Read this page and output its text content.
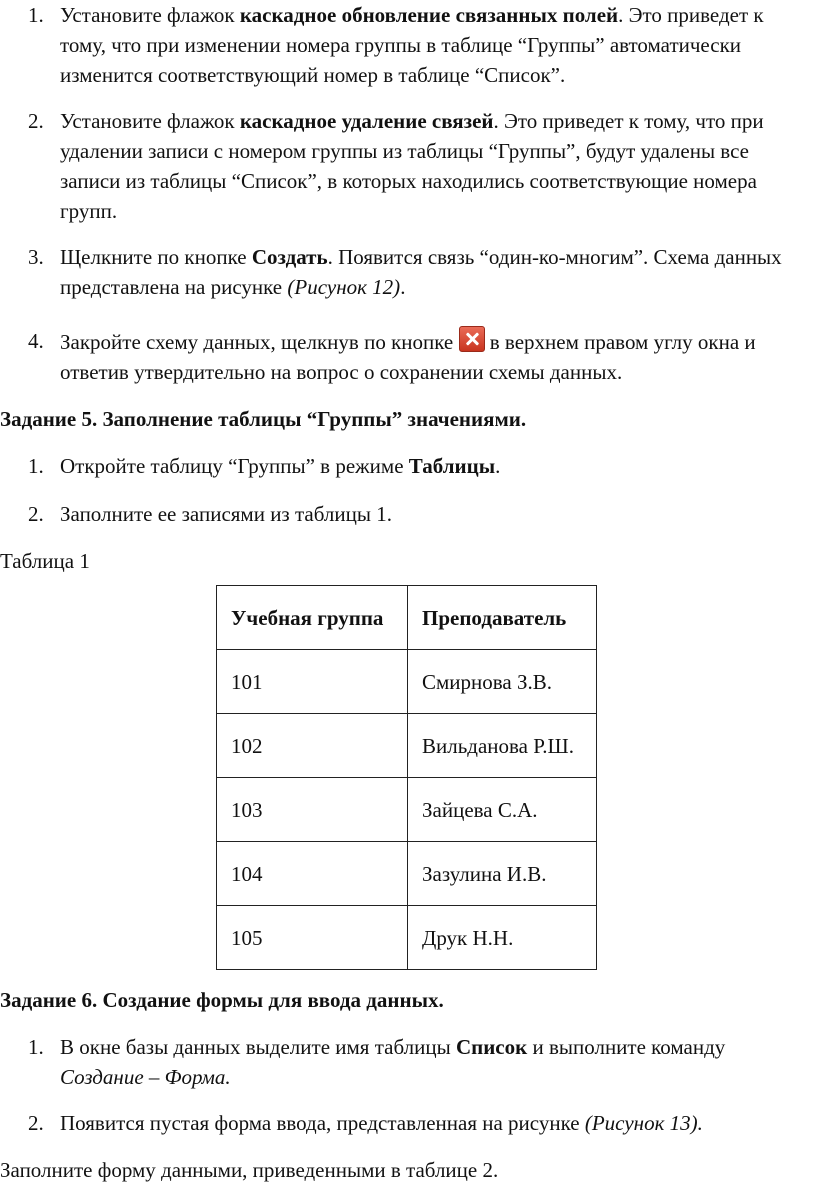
1. Установите флажок каскадное обновление связанных полей. Это приведет к тому, что при изменении номера группы в таблице “Группы” автоматически изменится соответствующий номер в таблице “Список”.
2. Установите флажок каскадное удаление связей. Это приведет к тому, что при удалении записи с номером группы из таблицы “Группы”, будут удалены все записи из таблицы “Список”, в которых находились соответствующие номера групп.
3. Щелкните по кнопке Создать. Появится связь “один-ко-многим”. Схема данных представлена на рисунке (Рисунок 12).
4. Закройте схему данных, щелкнув по кнопке  в верхнем правом углу окна и ответив утвердительно на вопрос о сохранении схемы данных.
Задание 5. Заполнение таблицы “Группы” значениями.
1. Откройте таблицу “Группы” в режиме Таблицы.
2. Заполните ее записями из таблицы 1.
Таблица 1
Учебная группа	Преподаватель
101	Смирнова З.В.
102	Вильданова Р.Ш.
103	Зайцева С.А.
104	Зазулина И.В.
105	Друк Н.Н.
Задание 6. Создание формы для ввода данных.
1. В окне базы данных выделите имя таблицы Список и выполните команду Создание – Форма.
2. Появится пустая форма ввода, представленная на рисунке (Рисунок 13).
Заполните форму данными, приведенными в таблице 2.
